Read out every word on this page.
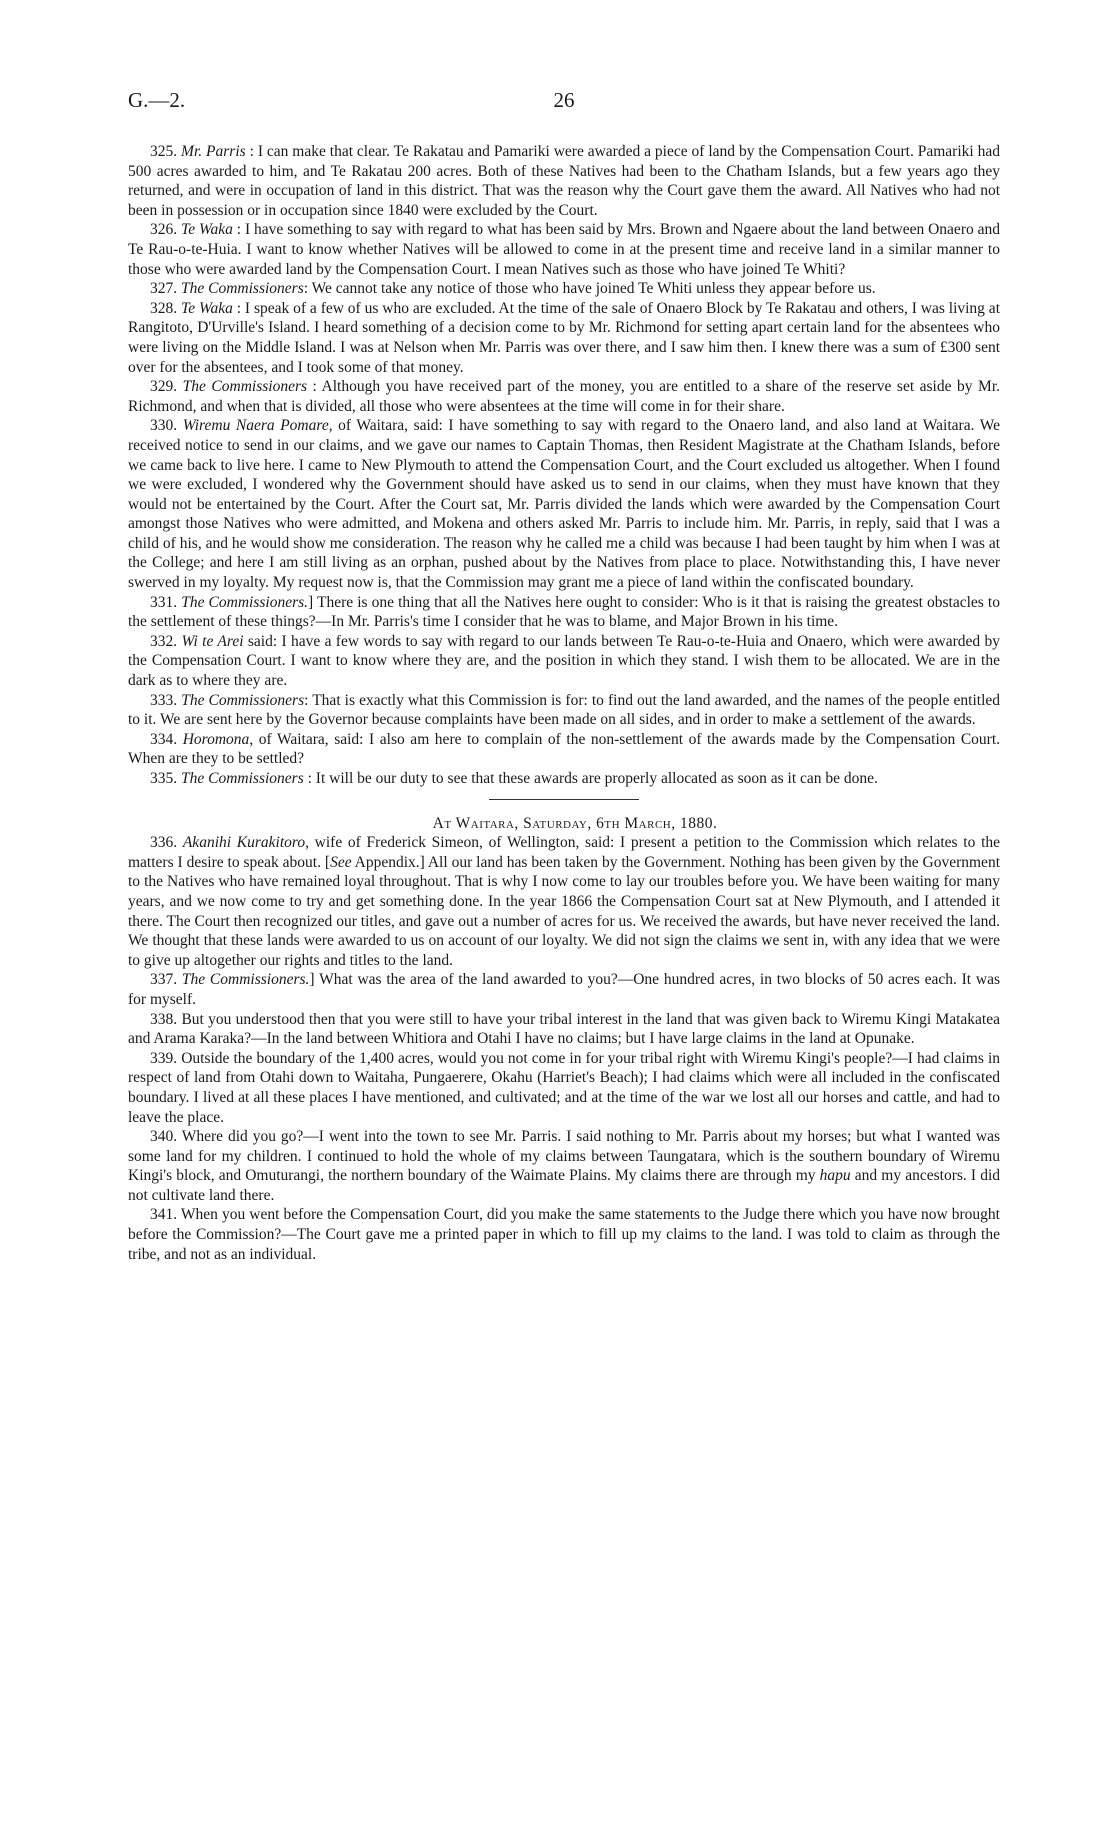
G.—2.	26

325. Mr. Parris : I can make that clear. Te Rakatau and Pamariki were awarded a piece of land by the Compensation Court. Pamariki had 500 acres awarded to him, and Te Rakatau 200 acres. Both of these Natives had been to the Chatham Islands, but a few years ago they returned, and were in occupation of land in this district. That was the reason why the Court gave them the award. All Natives who had not been in possession or in occupation since 1840 were excluded by the Court.

326. Te Waka : I have something to say with regard to what has been said by Mrs. Brown and Ngaere about the land between Onaero and Te Rau-o-te-Huia. I want to know whether Natives will be allowed to come in at the present time and receive land in a similar manner to those who were awarded land by the Compensation Court. I mean Natives such as those who have joined Te Whiti?

327. The Commissioners: We cannot take any notice of those who have joined Te Whiti unless they appear before us.

328. Te Waka : I speak of a few of us who are excluded. At the time of the sale of Onaero Block by Te Rakatau and others, I was living at Rangitoto, D'Urville's Island. I heard something of a decision come to by Mr. Richmond for setting apart certain land for the absentees who were living on the Middle Island. I was at Nelson when Mr. Parris was over there, and I saw him then. I knew there was a sum of £300 sent over for the absentees, and I took some of that money.

329. The Commissioners : Although you have received part of the money, you are entitled to a share of the reserve set aside by Mr. Richmond, and when that is divided, all those who were absentees at the time will come in for their share.

330. Wiremu Naera Pomare, of Waitara, said: I have something to say with regard to the Onaero land, and also land at Waitara. We received notice to send in our claims, and we gave our names to Captain Thomas, then Resident Magistrate at the Chatham Islands, before we came back to live here. I came to New Plymouth to attend the Compensation Court, and the Court excluded us altogether. When I found we were excluded, I wondered why the Government should have asked us to send in our claims, when they must have known that they would not be entertained by the Court. After the Court sat, Mr. Parris divided the lands which were awarded by the Compensation Court amongst those Natives who were admitted, and Mokena and others asked Mr. Parris to include him. Mr. Parris, in reply, said that I was a child of his, and he would show me consideration. The reason why he called me a child was because I had been taught by him when I was at the College; and here I am still living as an orphan, pushed about by the Natives from place to place. Notwithstanding this, I have never swerved in my loyalty. My request now is, that the Commission may grant me a piece of land within the confiscated boundary.

331. The Commissioners.] There is one thing that all the Natives here ought to consider: Who is it that is raising the greatest obstacles to the settlement of these things?—In Mr. Parris's time I consider that he was to blame, and Major Brown in his time.

332. Wi te Arei said: I have a few words to say with regard to our lands between Te Rau-o-te-Huia and Onaero, which were awarded by the Compensation Court. I want to know where they are, and the position in which they stand. I wish them to be allocated. We are in the dark as to where they are.

333. The Commissioners: That is exactly what this Commission is for: to find out the land awarded, and the names of the people entitled to it. We are sent here by the Governor because complaints have been made on all sides, and in order to make a settlement of the awards.

334. Horomona, of Waitara, said: I also am here to complain of the non-settlement of the awards made by the Compensation Court. When are they to be settled?

335. The Commissioners : It will be our duty to see that these awards are properly allocated as soon as it can be done.

At Waitara, Saturday, 6th March, 1880.

336. Akanihi Kurakitoro, wife of Frederick Simeon, of Wellington, said: I present a petition to the Commission which relates to the matters I desire to speak about. [See Appendix.] All our land has been taken by the Government. Nothing has been given by the Government to the Natives who have remained loyal throughout. That is why I now come to lay our troubles before you. We have been waiting for many years, and we now come to try and get something done. In the year 1866 the Compensation Court sat at New Plymouth, and I attended it there. The Court then recognized our titles, and gave out a number of acres for us. We received the awards, but have never received the land. We thought that these lands were awarded to us on account of our loyalty. We did not sign the claims we sent in, with any idea that we were to give up altogether our rights and titles to the land.

337. The Commissioners.] What was the area of the land awarded to you?—One hundred acres, in two blocks of 50 acres each. It was for myself.

338. But you understood then that you were still to have your tribal interest in the land that was given back to Wiremu Kingi Matakatea and Arama Karaka?—In the land between Whitiora and Otahi I have no claims; but I have large claims in the land at Opunake.

339. Outside the boundary of the 1,400 acres, would you not come in for your tribal right with Wiremu Kingi's people?—I had claims in respect of land from Otahi down to Waitaha, Pungaerere, Okahu (Harriet's Beach); I had claims which were all included in the confiscated boundary. I lived at all these places I have mentioned, and cultivated; and at the time of the war we lost all our horses and cattle, and had to leave the place.

340. Where did you go?—I went into the town to see Mr. Parris. I said nothing to Mr. Parris about my horses; but what I wanted was some land for my children. I continued to hold the whole of my claims between Taungatara, which is the southern boundary of Wiremu Kingi's block, and Omuturangi, the northern boundary of the Waimate Plains. My claims there are through my hapu and my ancestors. I did not cultivate land there.

341. When you went before the Compensation Court, did you make the same statements to the Judge there which you have now brought before the Commission?—The Court gave me a printed paper in which to fill up my claims to the land. I was told to claim as through the tribe, and not as an individual.
